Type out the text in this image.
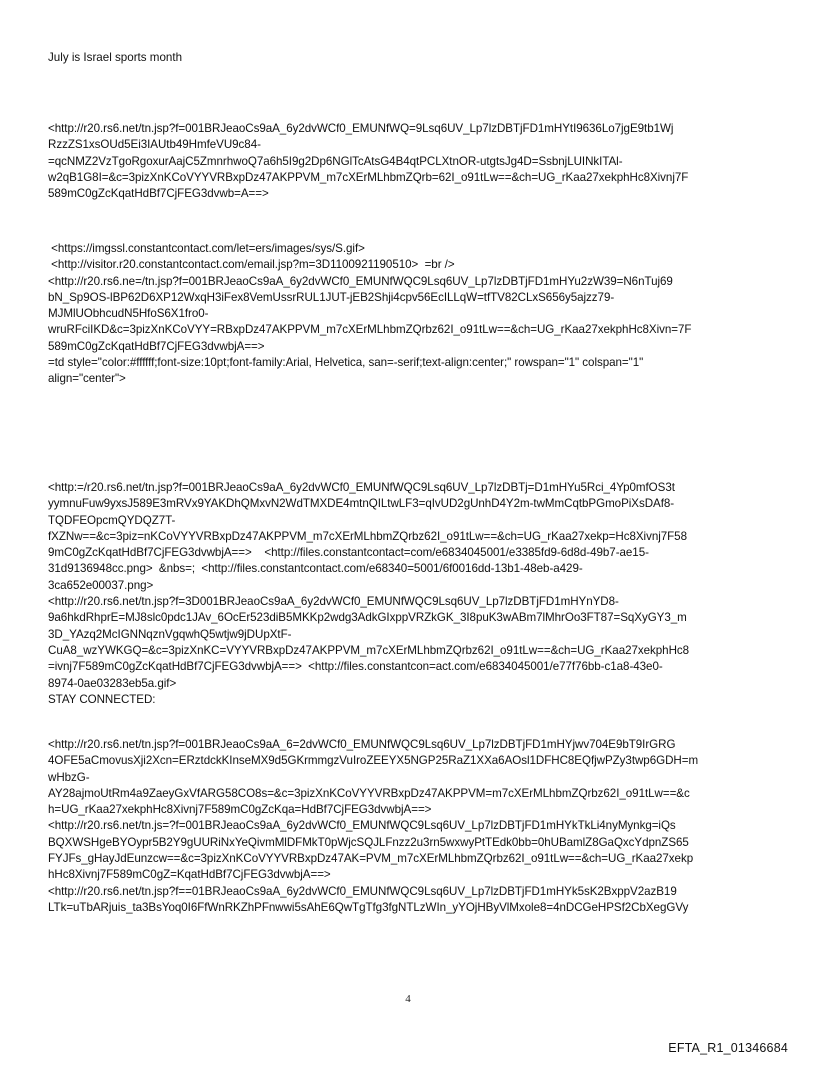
July is Israel sports month
<http://r20.rs6.net/tn.jsp?f=001BRJeaoCs9aA_6y2dvWCf0_EMUNfWQ=9Lsq6UV_Lp7lzDBTjFD1mHYtI9636Lo7jgE9tb1Wj
RzzZS1xsOUd5Ei3IAUtb49HmfeVU9c84-
=qcNMZ2VzTgoRgoxurAajC5ZmnrhwoQ7a6h5I9g2Dp6NGlTcAtsG4B4qtPCLXtnOR-utgtsJg4D=SsbnjLUINkITAl-
w2qB1G8I=&c=3pizXnKCoVYYVRBxpDz47AKPPVM_m7cXErMLhbmZQrb=62I_o91tLw==&ch=UG_rKaa27xekphHc8Xivnj7F
589mC0gZcKqatHdBf7CjFEG3dvwb=A==>
<https://imgssl.constantcontact.com/let=ers/images/sys/S.gif>
<http://visitor.r20.constantcontact.com/email.jsp?m=3D1100921190510>  =br />
<http://r20.rs6.ne=/tn.jsp?f=001BRJeaoCs9aA_6y2dvWCf0_EMUNfWQC9Lsq6UV_Lp7lzDBTjFD1mHYu2zW39=N6nTuj69
bN_Sp9OS-lBP62D6XP12WxqH3iFex8VemUssrRUL1JUT-jEB2Shji4cpv56EcILLqW=tfTV82CLxS656y5ajzz79-
MJMlUObhcudN5HfoS6X1fro0-
wruRFciIKD&c=3pizXnKCoVYY=RBxpDz47AKPPVM_m7cXErMLhbmZQrbz62I_o91tLw==&ch=UG_rKaa27xekphHc8Xivn=7F
589mC0gZcKqatHdBf7CjFEG3dvwbjA==>
=td style="color:#ffffff;font-size:10pt;font-family:Arial, Helvetica, san=-serif;text-align:center;" rowspan="1" colspan="1"
align="center">
<http:=/r20.rs6.net/tn.jsp?f=001BRJeaoCs9aA_6y2dvWCf0_EMUNfWQC9Lsq6UV_Lp7lzDBTj=D1mHYu5Rci_4Yp0mfOS3t
yymnuFuw9yxsJ589E3mRVx9YAKDhQMxvN2WdTMXDE4mtnQILtwLF3=qIvUD2gUnhD4Y2m-twMmCqtbPGmoPiXsDAf8-
TQDFEOpcmQYDQZ7T-
fXZNw==&c=3piz=nKCoVYYVRBxpDz47AKPPVM_m7cXErMLhbmZQrbz62I_o91tLw==&ch=UG_rKaa27xekp=Hc8Xivnj7F58
9mC0gZcKqatHdBf7CjFEG3dvwbjA==>    <http://files.constantcontact=com/e6834045001/e3385fd9-6d8d-49b7-ae15-
31d9136948cc.png>  &nbs=;  <http://files.constantcontact.com/e68340=5001/6f0016dd-13b1-48eb-a429-
3ca652e00037.png>
<http://r20.rs6.net/tn.jsp?f=3D001BRJeaoCs9aA_6y2dvWCf0_EMUNfWQC9Lsq6UV_Lp7lzDBTjFD1mHYnYD8-
9a6hkdRhprE=MJ8slc0pdc1JAv_6OcEr523diB5MKKp2wdg3AdkGIxppVRZkGK_3I8puK3wABm7lMhrOo3FT87=SqXyGY3_m
3D_YAzq2McIGNNqznVgqwhQ5wtjw9jDUpXtF-
CuA8_wzYWKGQ=&c=3pizXnKC=VYYVRBxpDz47AKPPVM_m7cXErMLhbmZQrbz62I_o91tLw==&ch=UG_rKaa27xekphHc8
=ivnj7F589mC0gZcKqatHdBf7CjFEG3dvwbjA==>  <http://files.constantcon=act.com/e6834045001/e77f76bb-c1a8-43e0-
8974-0ae03283eb5a.gif>
STAY CONNECTED:
<http://r20.rs6.net/tn.jsp?f=001BRJeaoCs9aA_6=2dvWCf0_EMUNfWQC9Lsq6UV_Lp7lzDBTjFD1mHYjwv704E9bT9IrGRG
4OFE5aCmovusXji2Xcn=ERztdckKInseMX9d5GKrmmgzVuIroZEEYX5NGP25RaZ1XXa6AOsl1DFHC8EQfjwPZy3twp6GDH=m
wHbzG-
AY28ajmoUtRm4a9ZaeyGxVfARG58CO8s=&c=3pizXnKCoVYYVRBxpDz47AKPPVM=m7cXErMLhbmZQrbz62I_o91tLw==&c
h=UG_rKaa27xekphHc8Xivnj7F589mC0gZcKqa=HdBf7CjFEG3dvwbjA==>
<http://r20.rs6.net/tn.js=?f=001BRJeaoCs9aA_6y2dvWCf0_EMUNfWQC9Lsq6UV_Lp7lzDBTjFD1mHYkTkLi4nyMynkg=iQs
BQXWSHgeBYOypr5B2Y9gUURiNxYeQivmMlDFMkT0pWjcSQJLFnzz2u3rn5wxwyPtTEdk0bb=0hUBamlZ8GaQxcYdpnZS65
FYJFs_gHayJdEunzcw==&c=3pizXnKCoVYYVRBxpDz47AK=PVM_m7cXErMLhbmZQrbz62I_o91tLw==&ch=UG_rKaa27xekp
hHc8Xivnj7F589mC0gZ=KqatHdBf7CjFEG3dvwbjA==>
<http://r20.rs6.net/tn.jsp?f==01BRJeaoCs9aA_6y2dvWCf0_EMUNfWQC9Lsq6UV_Lp7lzDBTjFD1mHYk5sK2BxppV2azB19
LTk=uTbARjuis_ta3BsYoq0I6FfWnRKZhPFnwwi5sAhE6QwTgTfg3fgNTLzWIn_yYOjHByVlMxole8=4nDCGeHPSf2CbXegGVy
4
EFTA_R1_01346684
